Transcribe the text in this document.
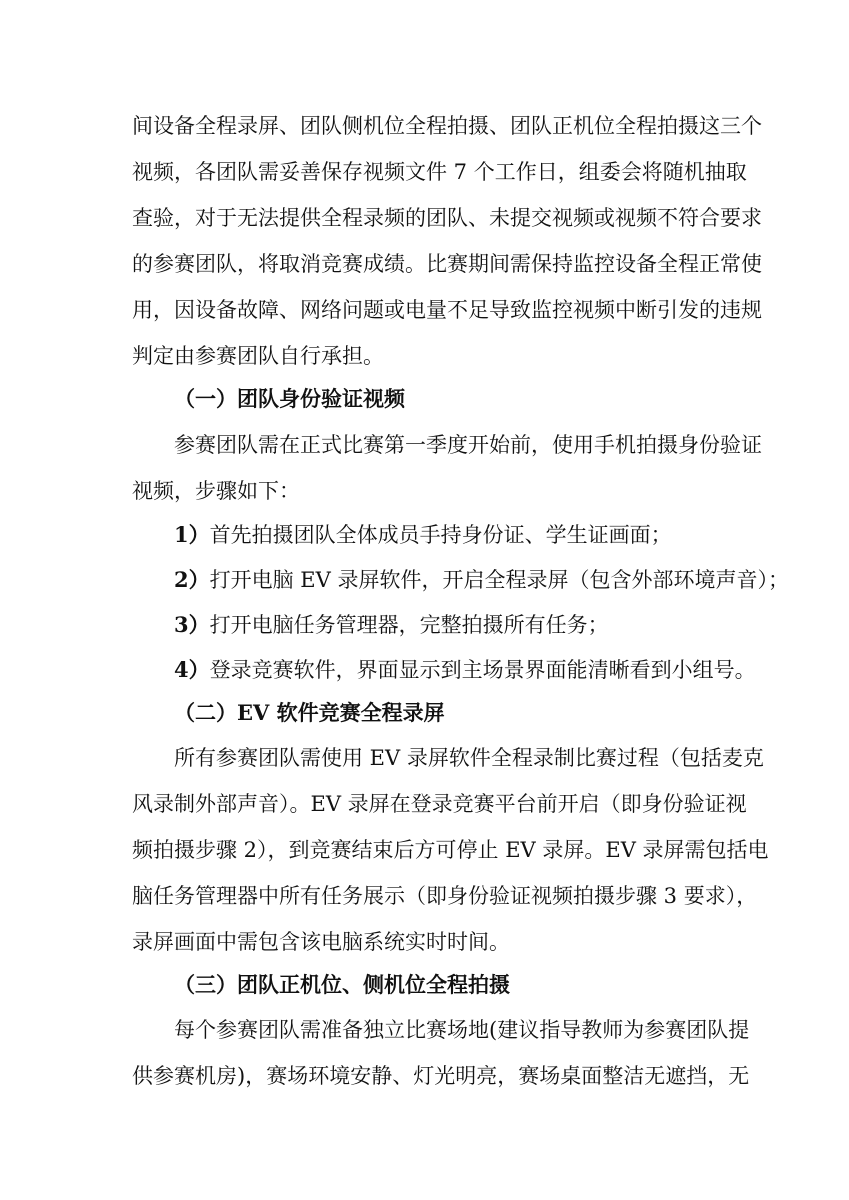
间设备全程录屏、团队侧机位全程拍摄、团队正机位全程拍摄这三个
视频，各团队需妥善保存视频文件 7 个工作日，组委会将随机抽取
查验，对于无法提供全程录频的团队、未提交视频或视频不符合要求
的参赛团队，将取消竞赛成绩。比赛期间需保持监控设备全程正常使
用，因设备故障、网络问题或电量不足导致监控视频中断引发的违规
判定由参赛团队自行承担。
（一）团队身份验证视频
参赛团队需在正式比赛第一季度开始前，使用手机拍摄身份验证
视频，步骤如下：
1）首先拍摄团队全体成员手持身份证、学生证画面；
2）打开电脑 EV 录屏软件，开启全程录屏（包含外部环境声音）；
3）打开电脑任务管理器，完整拍摄所有任务；
4）登录竞赛软件，界面显示到主场景界面能清晰看到小组号。
（二）EV 软件竞赛全程录屏
所有参赛团队需使用 EV 录屏软件全程录制比赛过程（包括麦克
风录制外部声音）。EV 录屏在登录竞赛平台前开启（即身份验证视
频拍摄步骤 2），到竞赛结束后方可停止 EV 录屏。EV 录屏需包括电
脑任务管理器中所有任务展示（即身份验证视频拍摄步骤 3 要求），
录屏画面中需包含该电脑系统实时时间。
（三）团队正机位、侧机位全程拍摄
每个参赛团队需准备独立比赛场地(建议指导教师为参赛团队提
供参赛机房)，赛场环境安静、灯光明亮，赛场桌面整洁无遮挡，无
